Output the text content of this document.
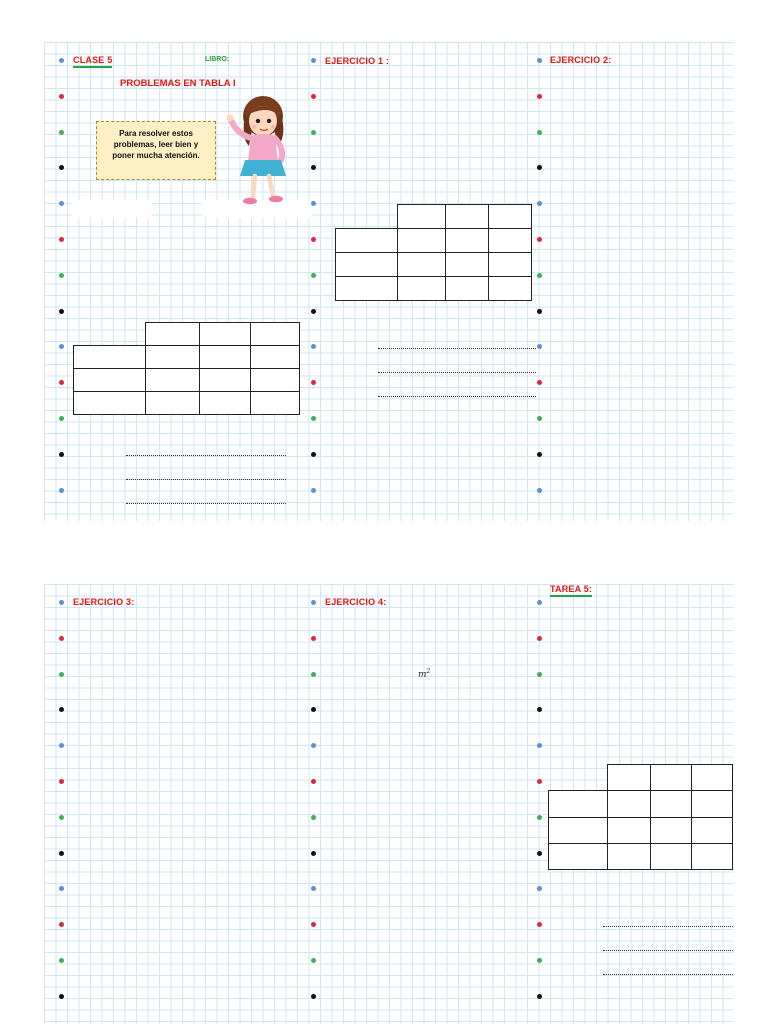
CLASE 5	LIBRO:
PROBLEMAS EN TABLA I
Para resolver estos problemas, leer bien y poner mucha atención.
EJERCICIO 1 :	EJERCICIO 2:

EJERCICIO 3:	EJERCICIO 4:
TAREA 5:
$m^2$
